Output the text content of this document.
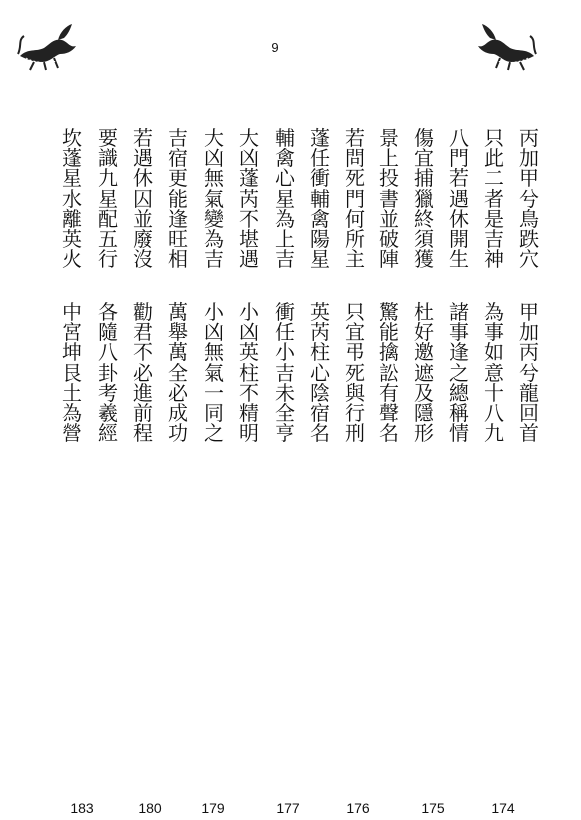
9
丙
加
甲
兮
鳥
跌
穴
甲
加
丙
兮
龍
回
首
只
此
二
者
是
吉
神
為
事
如
意
十
八
九
八
門
若
遇
休
開
生
諸
事
逢
之
總
稱
情
傷
宜
捕
獵
終
須
獲
杜
好
邀
遮
及
隱
形
景
上
投
書
並
破
陣
驚
能
擒
訟
有
聲
名
若
問
死
門
何
所
主
只
宜
弔
死
與
行
刑
蓬
任
衝
輔
禽
陽
星
英
芮
柱
心
陰
宿
名
輔
禽
心
星
為
上
吉
衝
任
小
吉
未
全
亨
大
凶
蓬
芮
不
堪
遇
小
凶
英
柱
不
精
明
大
凶
無
氣
變
為
吉
小
凶
無
氣
一
同
之
吉
宿
更
能
逢
旺
相
萬
舉
萬
全
必
成
功
若
遇
休
囚
並
廢
沒
勸
君
不
必
進
前
程
要
識
九
星
配
五
行
各
隨
八
卦
考
羲
經
坎
蓬
星
水
離
英
火
中
宮
坤
艮
土
為
營
174
175
176
177
179
180
183
